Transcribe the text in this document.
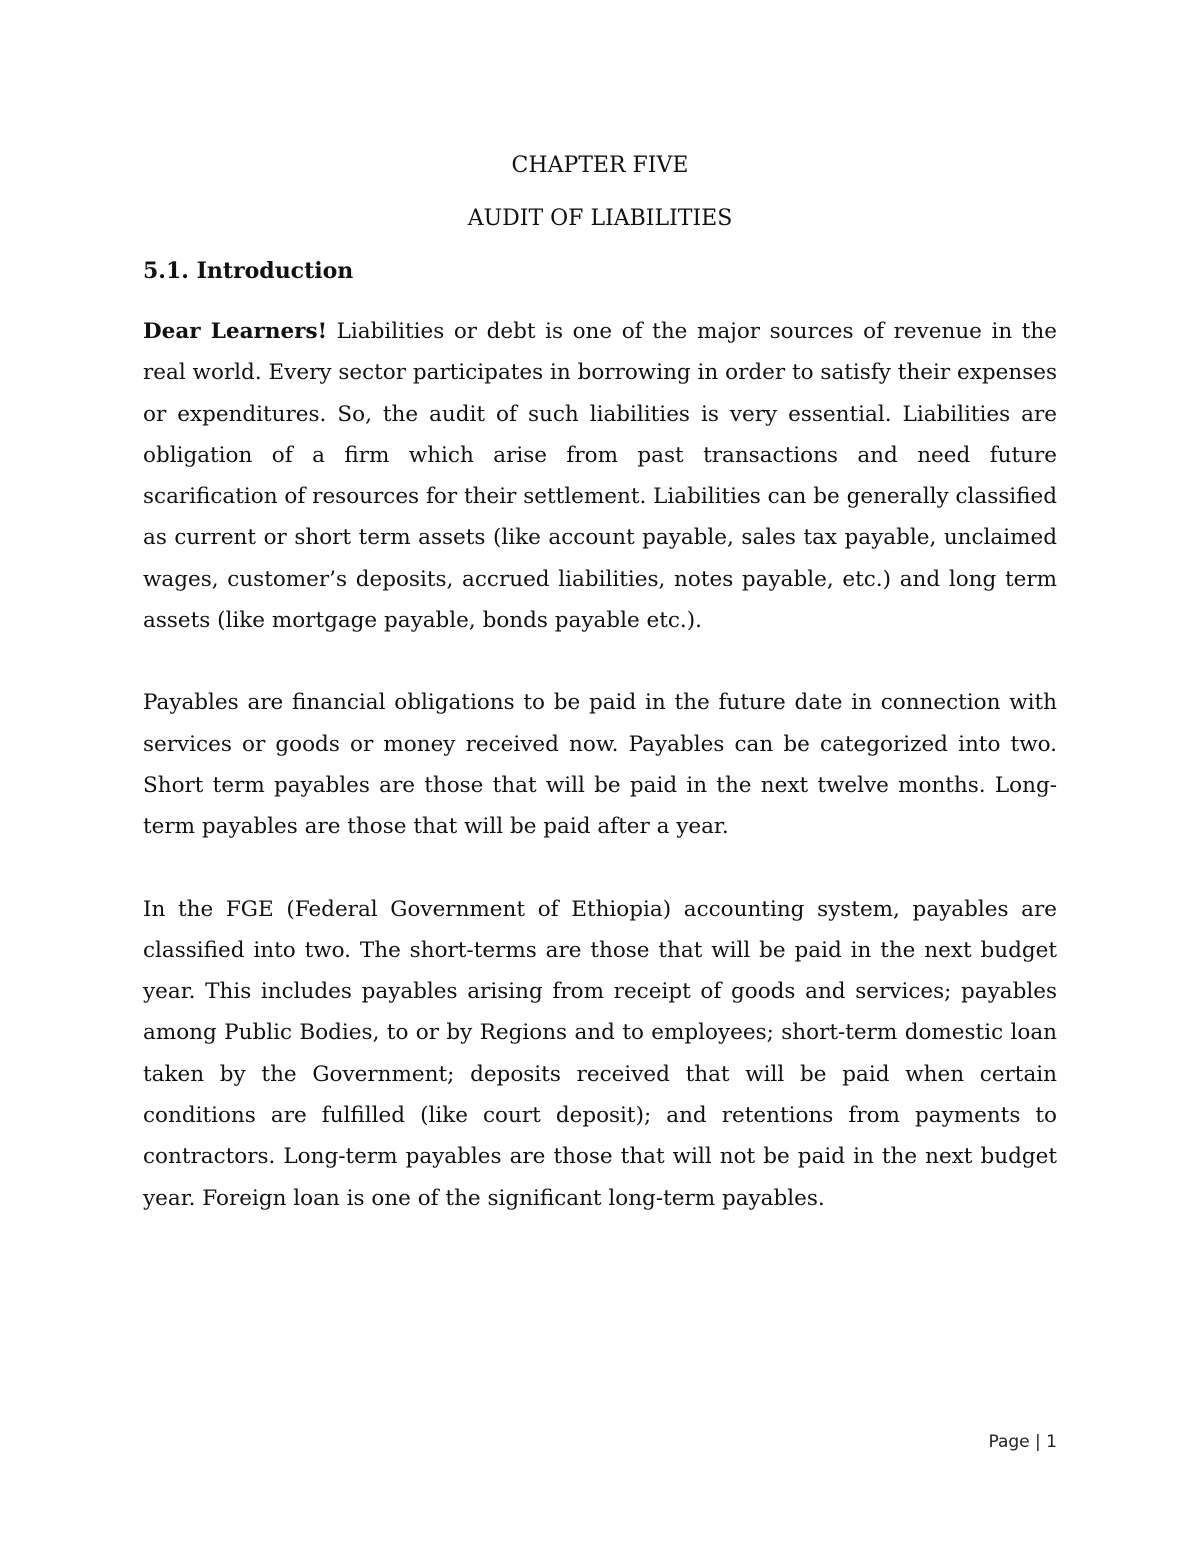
CHAPTER FIVE
AUDIT OF LIABILITIES
5.1. Introduction

Dear Learners! Liabilities or debt is one of the major sources of revenue in the real world. Every sector participates in borrowing in order to satisfy their expenses or expenditures. So, the audit of such liabilities is very essential. Liabilities are obligation of a firm which arise from past transactions and need future scarification of resources for their settlement. Liabilities can be generally classified as current or short term assets (like account payable, sales tax payable, unclaimed wages, customer’s deposits, accrued liabilities, notes payable, etc.) and long term assets (like mortgage payable, bonds payable etc.).

Payables are financial obligations to be paid in the future date in connection with services or goods or money received now. Payables can be categorized into two. Short term payables are those that will be paid in the next twelve months. Long-term payables are those that will be paid after a year.

In the FGE (Federal Government of Ethiopia) accounting system, payables are classified into two. The short-terms are those that will be paid in the next budget year. This includes payables arising from receipt of goods and services; payables among Public Bodies, to or by Regions and to employees; short-term domestic loan taken by the Government; deposits received that will be paid when certain conditions are fulfilled (like court deposit); and retentions from payments to contractors. Long-term payables are those that will not be paid in the next budget year. Foreign loan is one of the significant long-term payables.

Page | 1
